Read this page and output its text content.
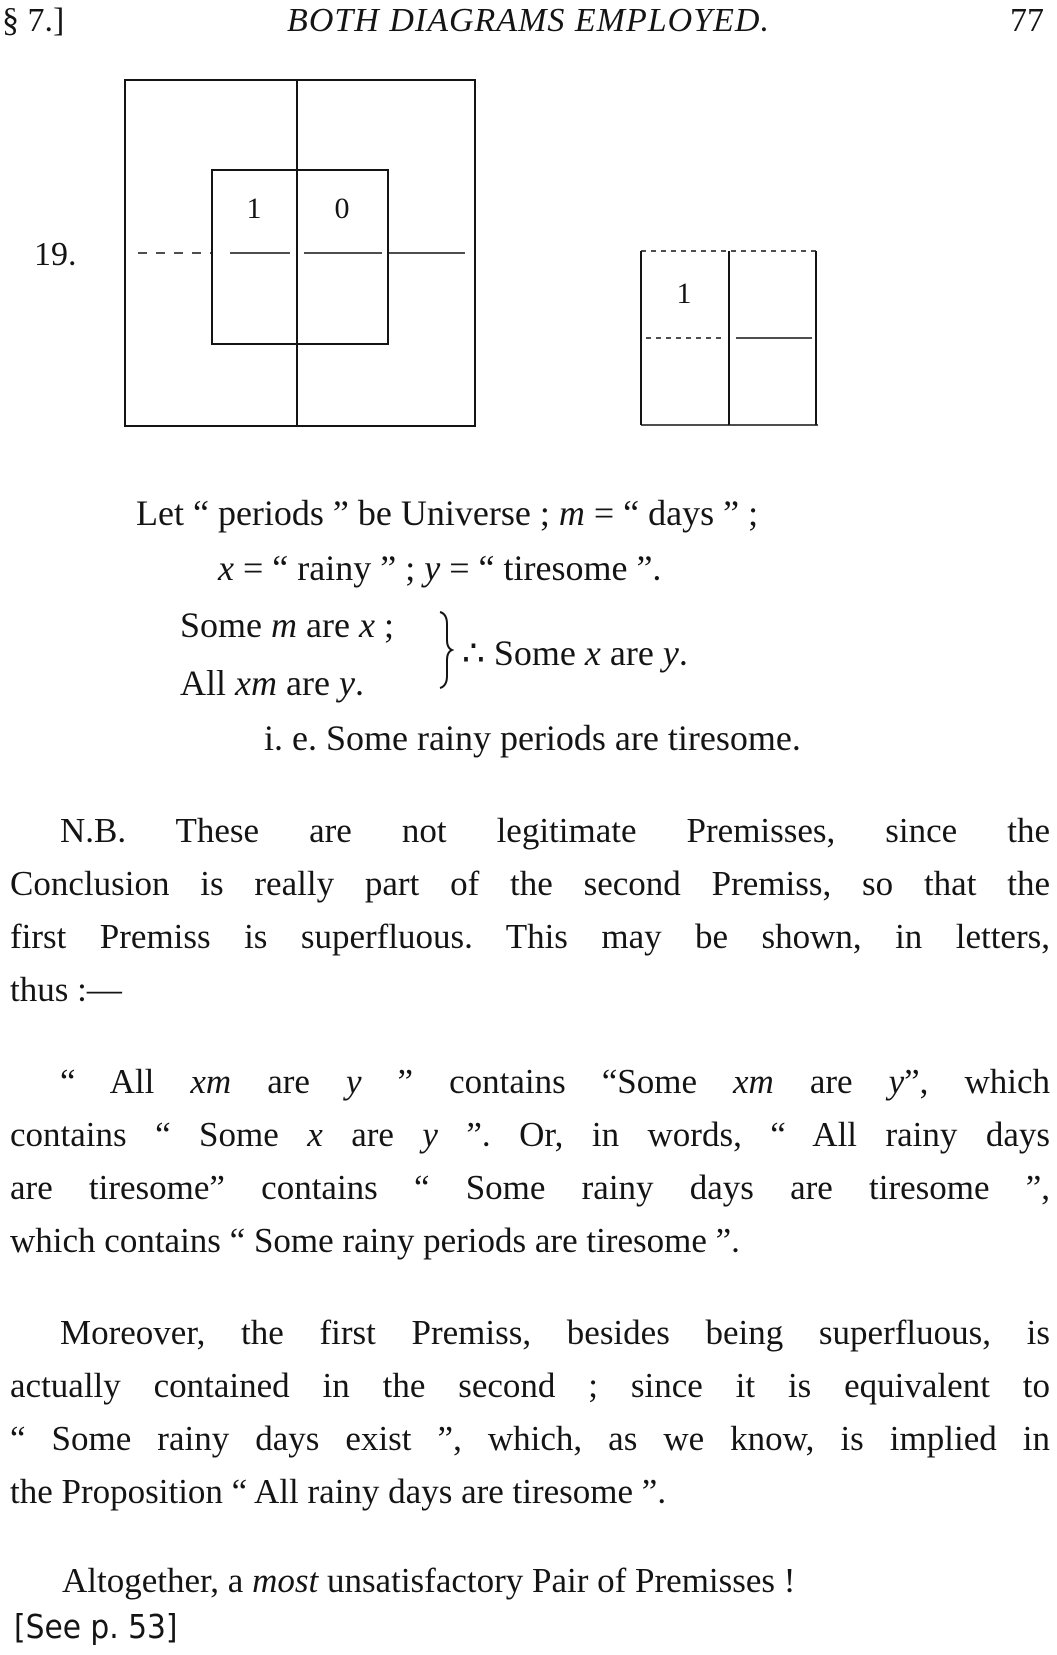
§ 7.]	BOTH DIAGRAMS EMPLOYED.	77
19.
1 0
1
Let “ periods ” be Universe ; m = “ days ” ;
x = “ rainy ” ; y = “ tiresome ”.
Some m are x ;
All xm are y.
∴ Some x are y.
i. e. Some rainy periods are tiresome.
N.B. These are not legitimate Premisses, since the
Conclusion is really part of the second Premiss, so that the
first Premiss is superfluous. This may be shown, in letters,
thus :—
“ All xm are y ” contains “Some xm are y”, which
contains “ Some x are y ”. Or, in words, “ All rainy days
are tiresome” contains “ Some rainy days are tiresome ”,
which contains “ Some rainy periods are tiresome ”.
Moreover, the first Premiss, besides being superfluous, is
actually contained in the second ; since it is equivalent to
“ Some rainy days exist ”, which, as we know, is implied in
the Proposition “ All rainy days are tiresome ”.
Altogether, a most unsatisfactory Pair of Premisses !
[See p. 53]
